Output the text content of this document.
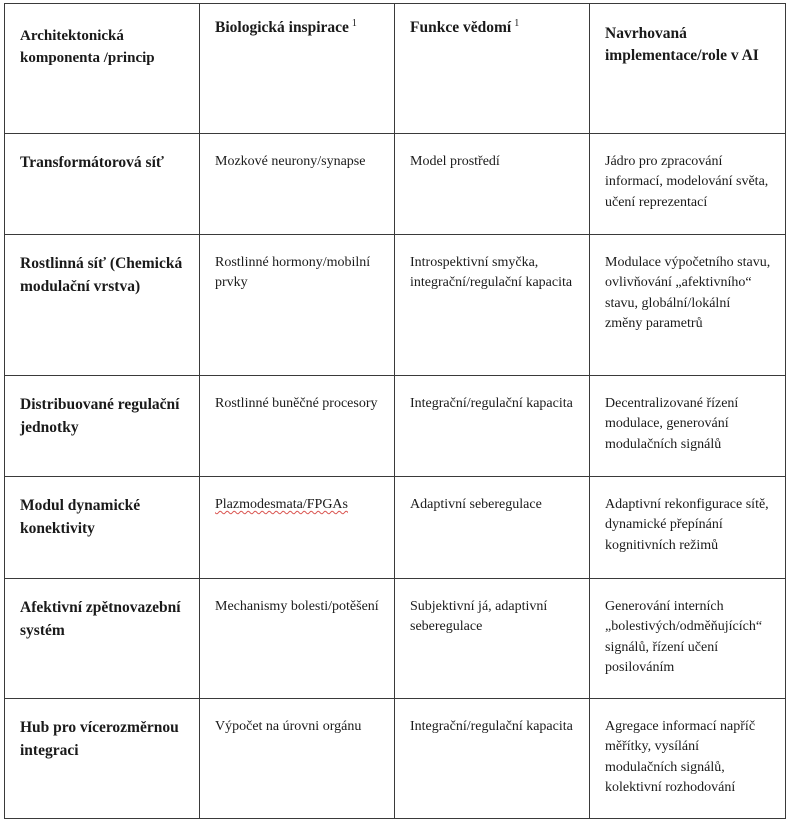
Architektonická komponenta /princip	Biologická inspirace $^1$	Funkce vědomí $^1$	Navrhovaná implementace/role v AI

Transformátorová síť	Mozkové neurony/synapse	Model prostředí	Jádro pro zpracování informací, modelování světa, učení reprezentací

Rostlinná síť (Chemická modulační vrstva)	Rostlinné hormony/mobilní prvky	Introspektivní smyčka, integrační/regulační kapacita	Modulace výpočetního stavu, ovlivňování „afektivního“ stavu, globální/lokální změny parametrů

Distribuované regulační jednotky	Rostlinné buněčné procesory	Integrační/regulační kapacita	Decentralizované řízení modulace, generování modulačních signálů

Modul dynamické konektivity	Plazmodesmata/FPGAs	Adaptivní seberegulace	Adaptivní rekonfigurace sítě, dynamické přepínání kognitivních režimů

Afektivní zpětnovazební systém	Mechanismy bolesti/potěšení	Subjektivní já, adaptivní seberegulace	Generování interních „bolestivých/odměňujících“ signálů, řízení učení posilováním

Hub pro vícerozměrnou integraci	Výpočet na úrovni orgánu	Integrační/regulační kapacita	Agregace informací napříč měřítky, vysílání modulačních signálů, kolektivní rozhodování
